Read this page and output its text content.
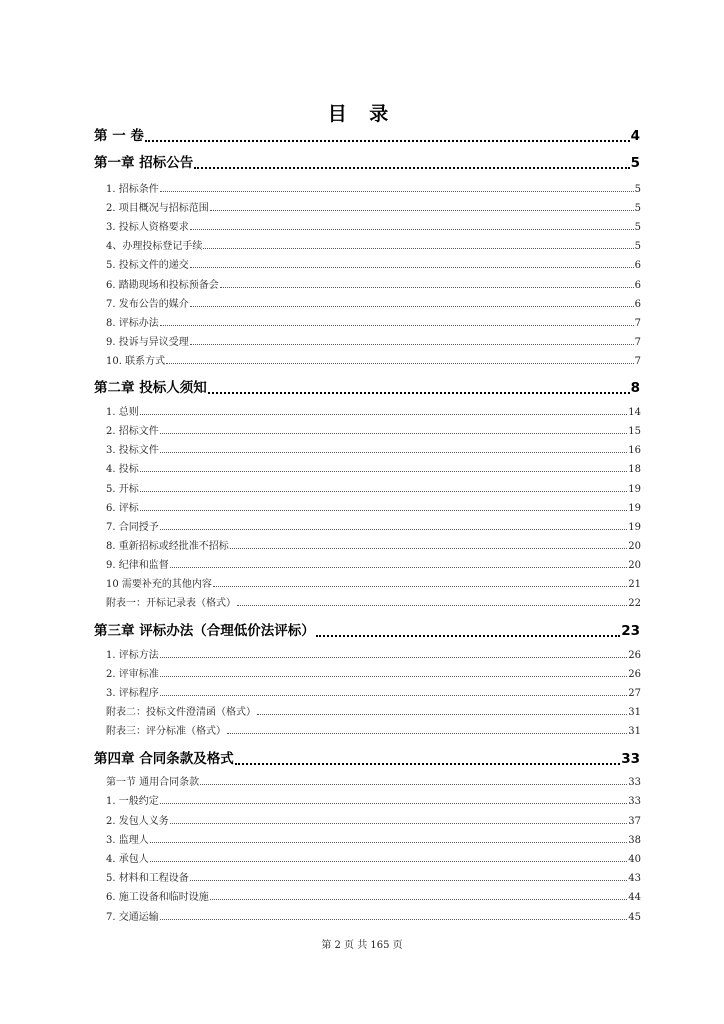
目 录
第 一 卷	4
第一章 招标公告	5
1. 招标条件	5
2. 项目概况与招标范围	5
3. 投标人资格要求	5
4、办理投标登记手续	5
5. 投标文件的递交	6
6. 踏勘现场和投标预备会	6
7. 发布公告的媒介	6
8. 评标办法	7
9. 投诉与异议受理	7
10. 联系方式	7
第二章 投标人须知	8
1. 总则	14
2. 招标文件	15
3. 投标文件	16
4. 投标	18
5. 开标	19
6. 评标	19
7. 合同授予	19
8. 重新招标或经批准不招标	20
9. 纪律和监督	20
10 需要补充的其他内容	21
附表一：开标记录表（格式）	22
第三章 评标办法（合理低价法评标）	23
1. 评标方法	26
2. 评审标准	26
3. 评标程序	27
附表二：投标文件澄清函（格式）	31
附表三：评分标准（格式）	31
第四章 合同条款及格式	33
第一节 通用合同条款	33
1. 一般约定	33
2. 发包人义务	37
3. 监理人	38
4. 承包人	40
5. 材料和工程设备	43
6. 施工设备和临时设施	44
7. 交通运输	45
第 2 页 共 165 页
